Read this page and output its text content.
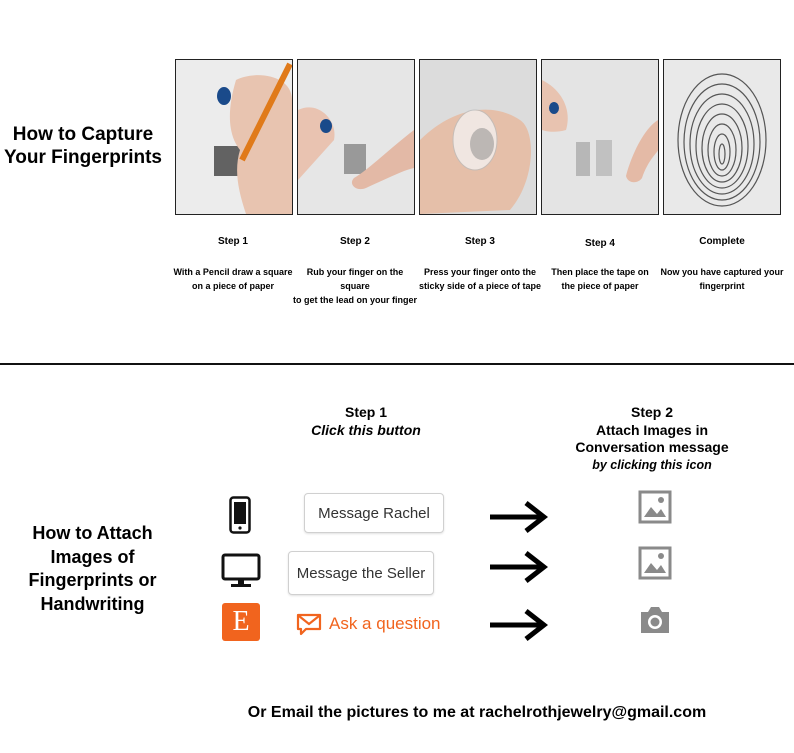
How to Capture
Your Fingerprints
Step 1	Step 2	Step 3	Step 4	Complete
With a Pencil draw a square
on a piece of paper
Rub your finger on the square
to get the lead on your finger
Press your finger onto the
sticky side of a piece of tape
Then place the tape on
the piece of paper
Now you have captured your
fingerprint
How to Attach
Images of
Fingerprints or
Handwriting
Step 1
Click this button
Step 2
Attach Images in
Conversation message
by clicking this icon
Message Rachel
Message the Seller
E	Ask a question
Or Email the pictures to me at rachelrothjewelry@gmail.com
